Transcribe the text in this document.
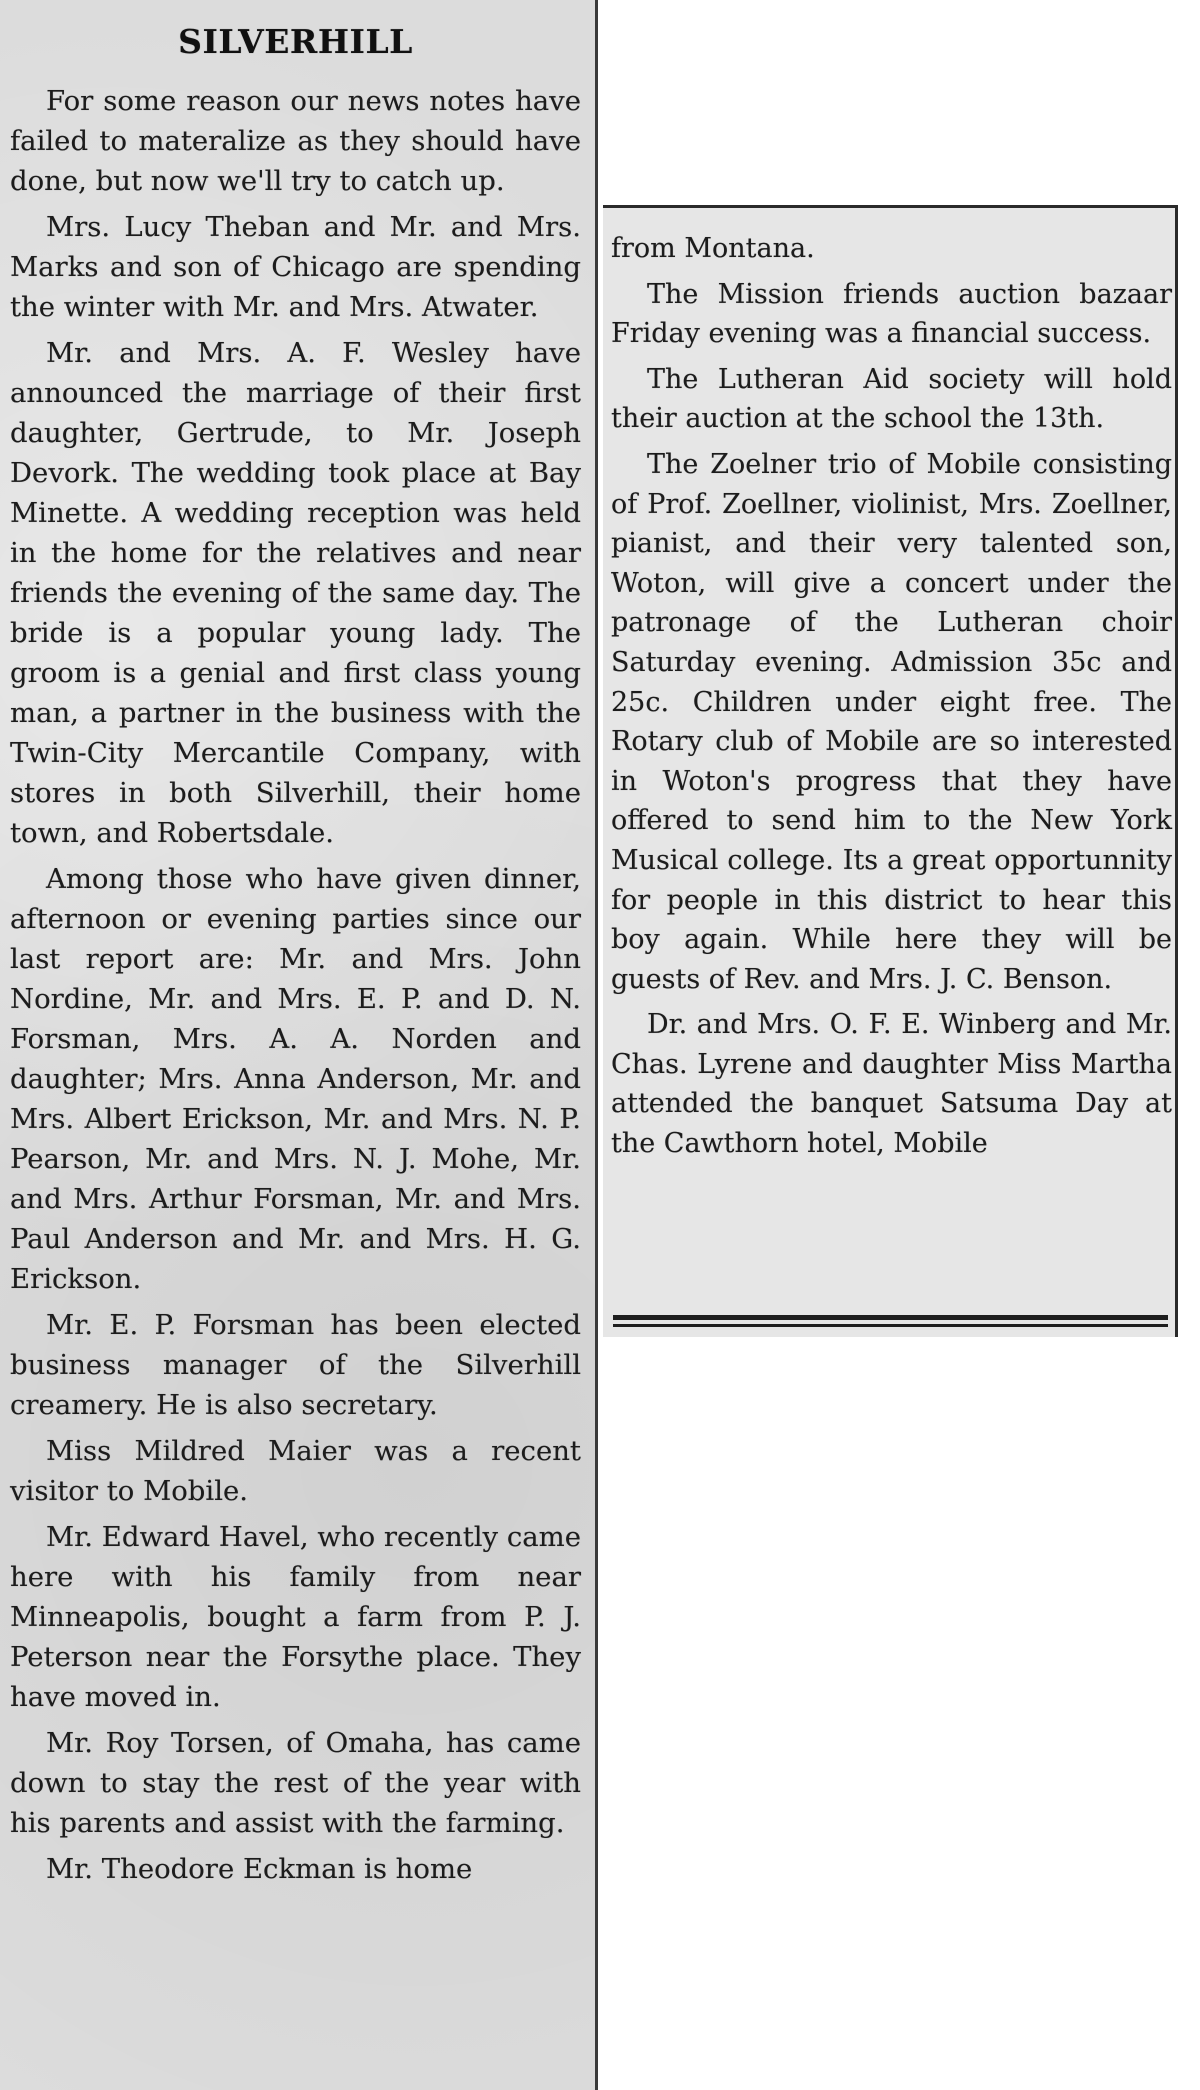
SILVERHILL

For some reason our news notes have failed to materalize as they should have done, but now we'll try to catch up.

Mrs. Lucy Theban and Mr. and Mrs. Marks and son of Chicago are spending the winter with Mr. and Mrs. Atwater.

Mr. and Mrs. A. F. Wesley have announced the marriage of their first daughter, Gertrude, to Mr. Joseph Devork. The wedding took place at Bay Minette. A wedding reception was held in the home for the relatives and near friends the evening of the same day. The bride is a popular young lady. The groom is a genial and first class young man, a partner in the business with the Twin-City Mercantile Company, with stores in both Silverhill, their home town, and Robertsdale.

Among those who have given dinner, afternoon or evening parties since our last report are: Mr. and Mrs. John Nordine, Mr. and Mrs. E. P. and D. N. Forsman, Mrs. A. A. Norden and daughter; Mrs. Anna Anderson, Mr. and Mrs. Albert Erickson, Mr. and Mrs. N. P. Pearson, Mr. and Mrs. N. J. Mohe, Mr. and Mrs. Arthur Forsman, Mr. and Mrs. Paul Anderson and Mr. and Mrs. H. G. Erickson.

Mr. E. P. Forsman has been elected business manager of the Silverhill creamery. He is also secretary.

Miss Mildred Maier was a recent visitor to Mobile.

Mr. Edward Havel, who recently came here with his family from near Minneapolis, bought a farm from P. J. Peterson near the Forsythe place. They have moved in.

Mr. Roy Torsen, of Omaha, has came down to stay the rest of the year with his parents and assist with the farming.

Mr. Theodore Eckman is home

from Montana.

The Mission friends auction bazaar Friday evening was a financial success.

The Lutheran Aid society will hold their auction at the school the 13th.

The Zoelner trio of Mobile consisting of Prof. Zoellner, violinist, Mrs. Zoellner, pianist, and their very talented son, Woton, will give a concert under the patronage of the Lutheran choir Saturday evening. Admission 35c and 25c. Children under eight free. The Rotary club of Mobile are so interested in Woton's progress that they have offered to send him to the New York Musical college. Its a great opportunnity for people in this district to hear this boy again. While here they will be guests of Rev. and Mrs. J. C. Benson.

Dr. and Mrs. O. F. E. Winberg and Mr. Chas. Lyrene and daughter Miss Martha attended the banquet Satsuma Day at the Cawthorn hotel, Mobile
